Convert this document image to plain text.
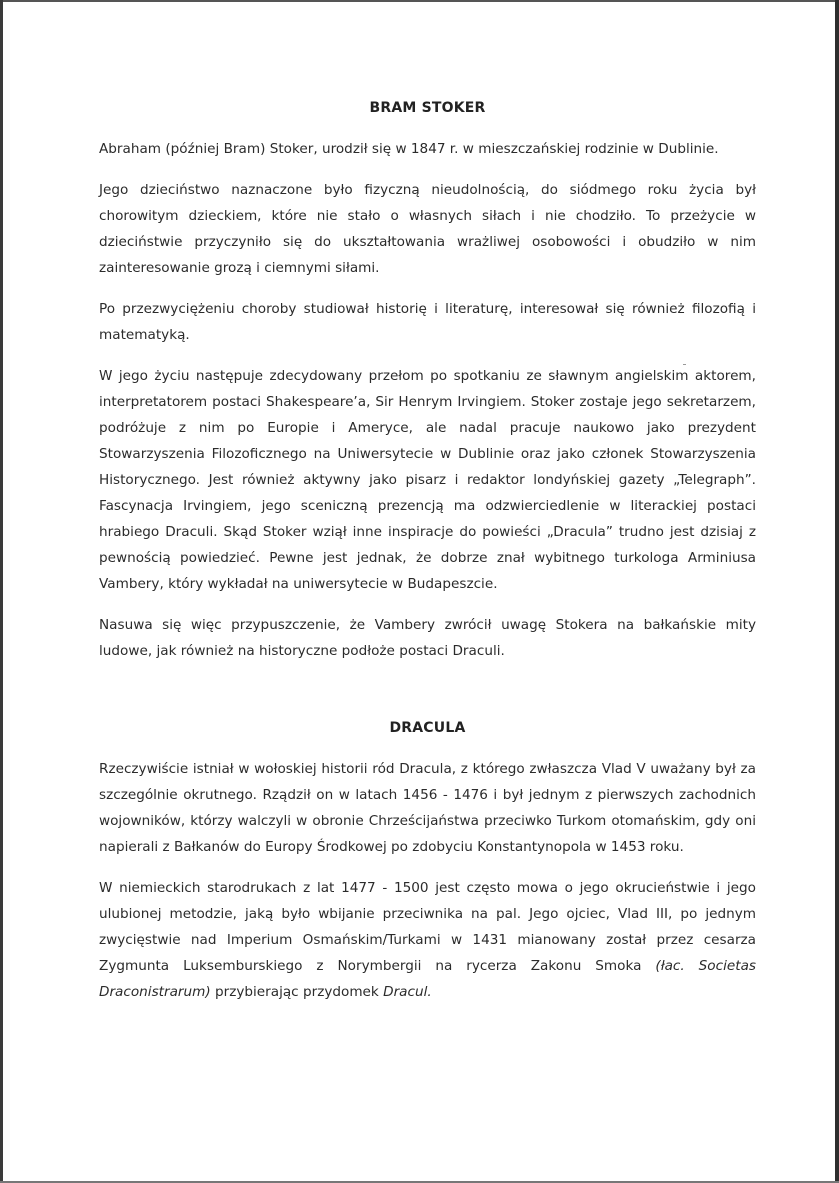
BRAM STOKER

Abraham (później Bram) Stoker, urodził się w 1847 r. w mieszczańskiej rodzinie w Dublinie.

Jego dzieciństwo naznaczone było fizyczną nieudolnością, do siódmego roku życia był chorowitym dzieckiem, które nie stało o własnych siłach i nie chodziło. To przeżycie w dzieciństwie przyczyniło się do ukształtowania wrażliwej osobowości i obudziło w nim zainteresowanie grozą i ciemnymi siłami.

Po przezwyciężeniu choroby studiował historię i literaturę, interesował się również filozofią i matematyką.

W jego życiu następuje zdecydowany przełom po spotkaniu ze sławnym angielskim aktorem, interpretatorem postaci Shakespeare’a, Sir Henrym Irvingiem. Stoker zostaje jego sekretarzem, podróżuje z nim po Europie i Ameryce, ale nadal pracuje naukowo jako prezydent Stowarzyszenia Filozoficznego na Uniwersytecie w Dublinie oraz jako członek Stowarzyszenia Historycznego. Jest również aktywny jako pisarz i redaktor londyńskiej gazety „Telegraph”. Fascynacja Irvingiem, jego sceniczną prezencją ma odzwierciedlenie w literackiej postaci hrabiego Draculi. Skąd Stoker wziął inne inspiracje do powieści „Dracula” trudno jest dzisiaj z pewnością powiedzieć. Pewne jest jednak, że dobrze znał wybitnego turkologa Arminiusa Vambery, który wykładał na uniwersytecie w Budapeszcie.

Nasuwa się więc przypuszczenie, że Vambery zwrócił uwagę Stokera na bałkańskie mity ludowe, jak również na historyczne podłoże postaci Draculi.

DRACULA

Rzeczywiście istniał w wołoskiej historii ród Dracula, z którego zwłaszcza Vlad V uważany był za szczególnie okrutnego. Rządził on w latach 1456 - 1476 i był jednym z pierwszych zachodnich wojowników, którzy walczyli w obronie Chrześcijaństwa przeciwko Turkom otomańskim, gdy oni napierali z Bałkanów do Europy Środkowej po zdobyciu Konstantynopola w 1453 roku.

W niemieckich starodrukach z lat 1477 - 1500 jest często mowa o jego okrucieństwie i jego ulubionej metodzie, jaką było wbijanie przeciwnika na pal. Jego ojciec, Vlad III, po jednym zwycięstwie nad Imperium Osmańskim/Turkami w 1431 mianowany został przez cesarza Zygmunta Luksemburskiego z Norymbergii na rycerza Zakonu Smoka (łac. Societas Draconistrarum) przybierając przydomek Dracul.
